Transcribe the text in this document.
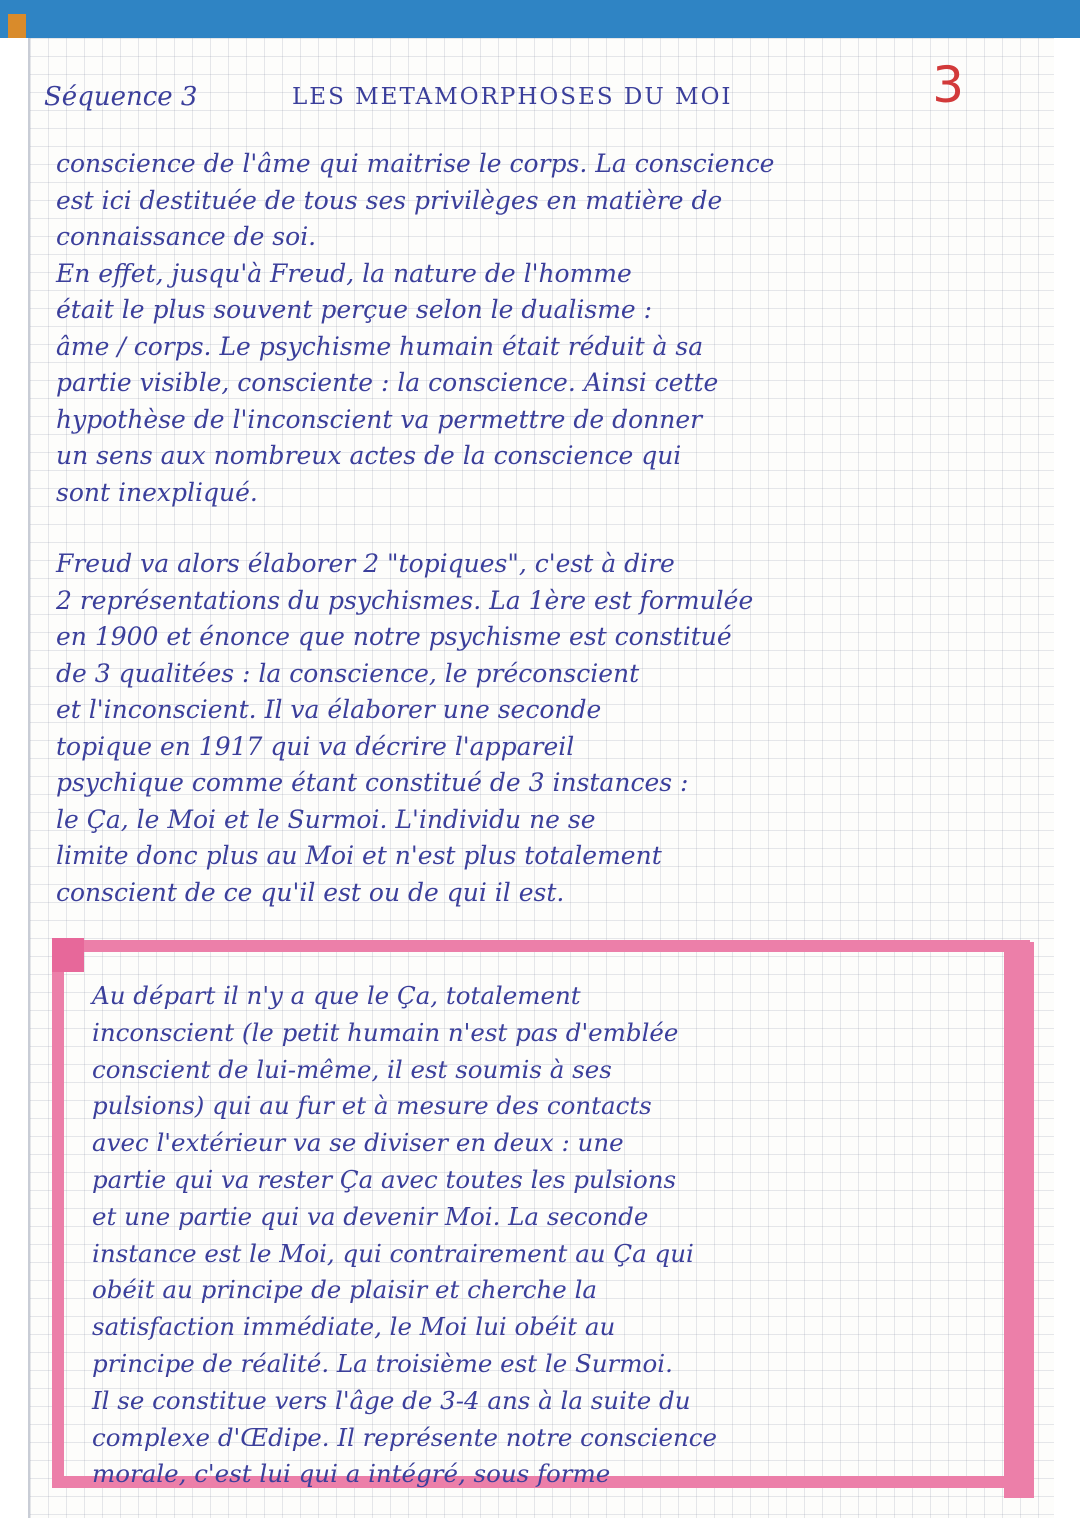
Séquence 3	LES METAMORPHOSES DU MOI	3
conscience de l'âme qui maitrise le corps. La conscience
est ici destituée de tous ses privilèges en matière de
connaissance de soi.
En effet, jusqu'à Freud, la nature de l'homme
était le plus souvent perçue selon le dualisme :
âme / corps. Le psychisme humain était réduit à sa
partie visible, consciente : la conscience. Ainsi cette
hypothèse de l'inconscient va permettre de donner
un sens aux nombreux actes de la conscience qui
sont inexpliqué.
Freud va alors élaborer 2 "topiques", c'est à dire
2 représentations du psychismes. La 1ère est formulée
en 1900 et énonce que notre psychisme est constitué
de 3 qualitées : la conscience, le préconscient
et l'inconscient. Il va élaborer une seconde
topique en 1917 qui va décrire l'appareil
psychique comme étant constitué de 3 instances :
le Ça, le Moi et le Surmoi. L'individu ne se
limite donc plus au Moi et n'est plus totalement
conscient de ce qu'il est ou de qui il est.
Au départ il n'y a que le Ça, totalement
inconscient (le petit humain n'est pas d'emblée
conscient de lui-même, il est soumis à ses
pulsions) qui au fur et à mesure des contacts
avec l'extérieur va se diviser en deux : une
partie qui va rester Ça avec toutes les pulsions
et une partie qui va devenir Moi. La seconde
instance est le Moi, qui contrairement au Ça qui
obéit au principe de plaisir et cherche la
satisfaction immédiate, le Moi lui obéit au
principe de réalité. La troisième est le Surmoi.
Il se constitue vers l'âge de 3-4 ans à la suite du
complexe d'Œdipe. Il représente notre conscience
morale, c'est lui qui a intégré, sous forme
